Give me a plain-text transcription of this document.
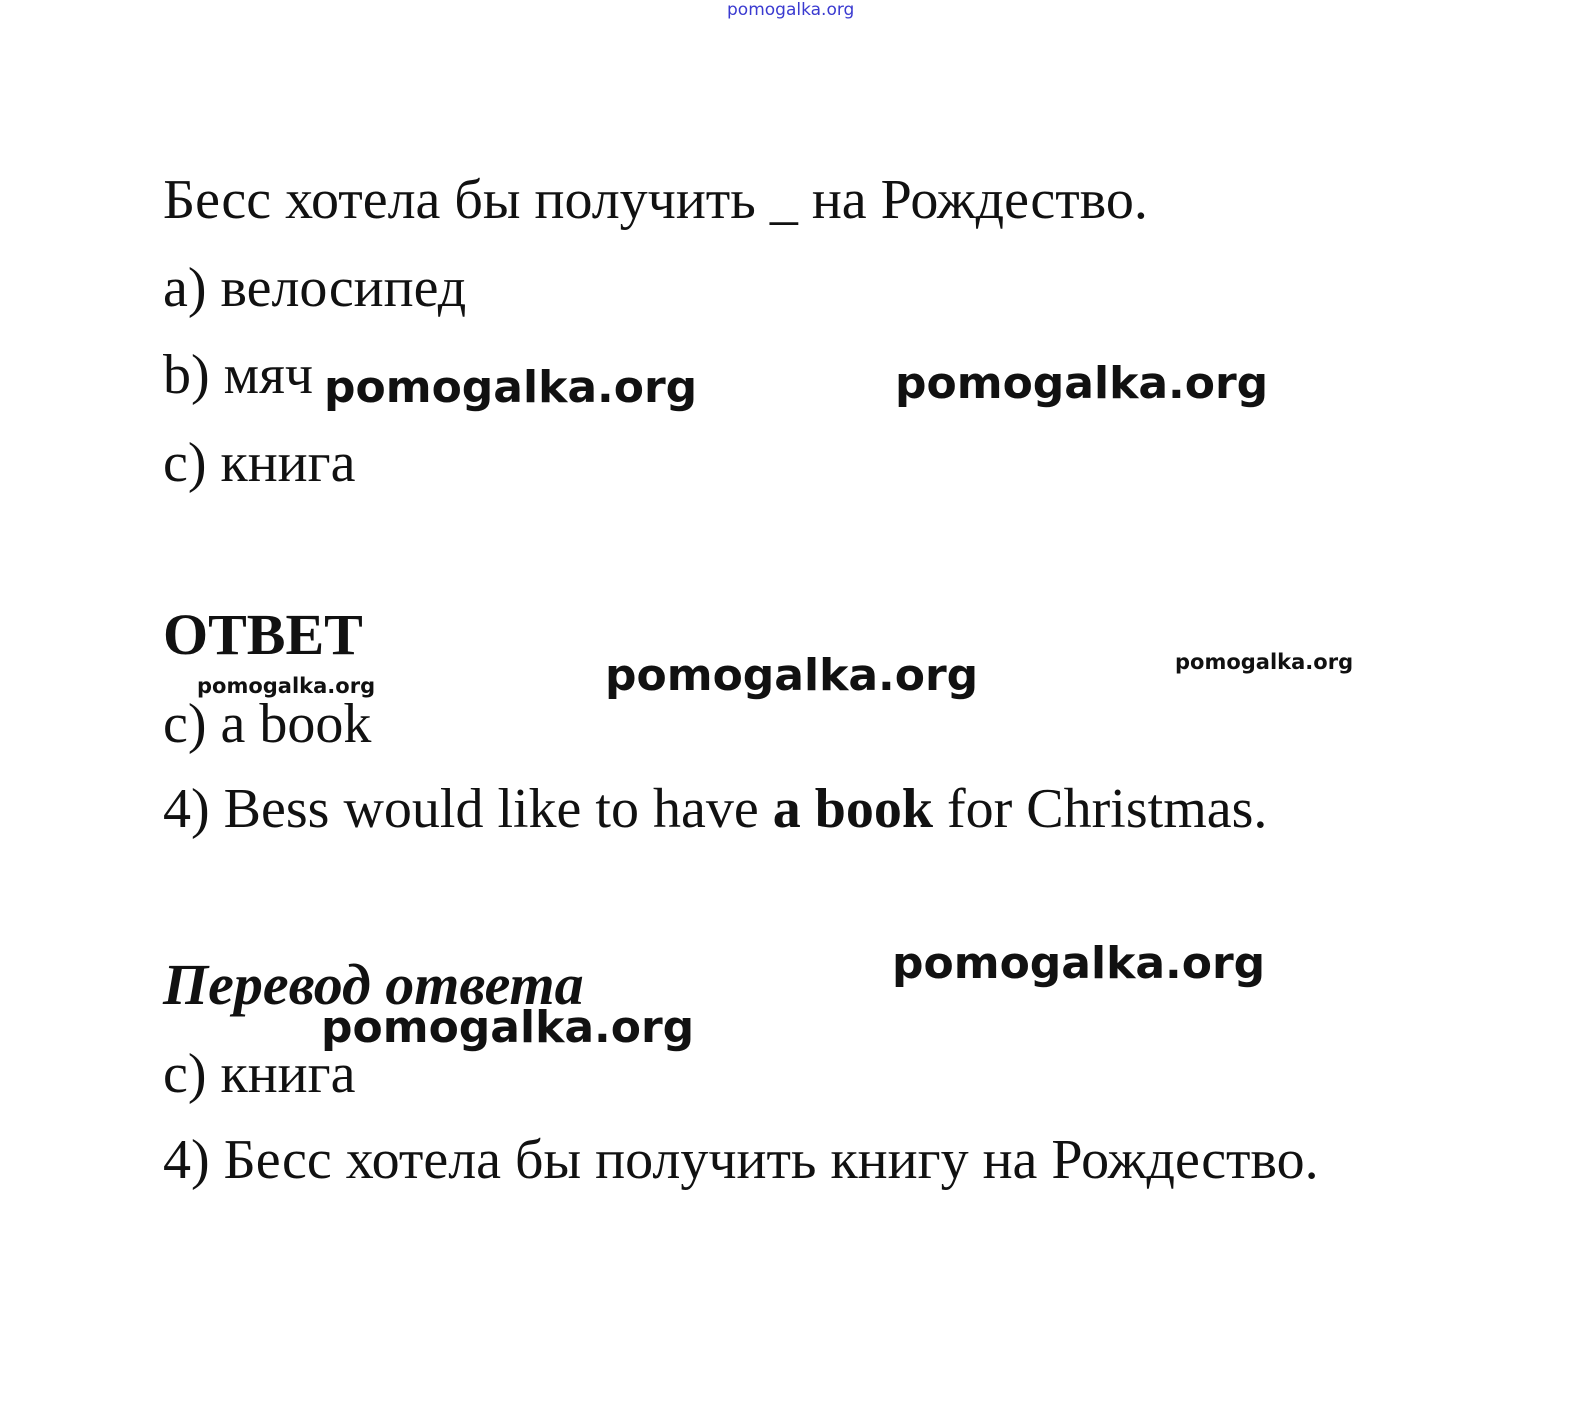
pomogalka.org
Бесс хотела бы получить _ на Рождество.
a) велосипед
b) мяч
c) книга
ОТВЕТ
c) a book
4) Bess would like to have a book for Christmas.
Перевод ответа
c) книга
4) Бесс хотела бы получить книгу на Рождество.
pomogalka.org	pomogalka.org
pomogalka.org	pomogalka.org	pomogalka.org
pomogalka.org
pomogalka.org
